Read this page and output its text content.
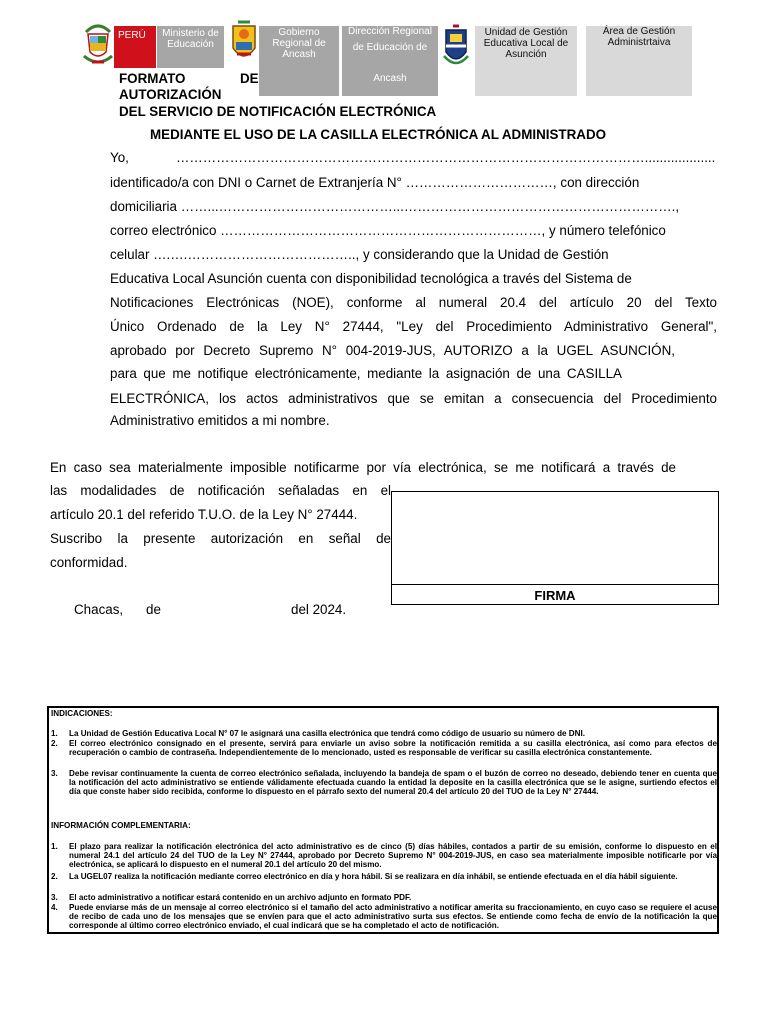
PERÚ	Ministerio de Educación
Gobierno Regional de Ancash
Dirección Regional
de Educación de
Ancash
Unidad de Gestión Educativa Local de Asunción
Área de Gestión Administrtaiva
FORMATO	DE
AUTORIZACIÓN
DEL SERVICIO DE NOTIFICACIÓN ELECTRÓNICA
MEDIANTE EL USO DE LA CASILLA ELECTRÓNICA AL ADMINISTRADO
Yo,	……………………………………………………………………………………………...................
identificado/a con DNI o Carnet de Extranjería N° ……………………………, con dirección
domiciliaria ……...…………………………………...…………………………………………………….,
correo electrónico ………………………………………………………………, y número telefónico
celular ….….……………………………….., y considerando que la Unidad de Gestión
Educativa Local Asunción cuenta con disponibilidad tecnológica a través del Sistema de
Notificaciones Electrónicas (NOE), conforme al numeral 20.4 del artículo 20 del Texto
Único Ordenado de la Ley N° 27444, "Ley del Procedimiento Administrativo General",
aprobado por Decreto Supremo N° 004-2019-JUS, AUTORIZO a la UGEL ASUNCIÓN,
para que me notifique electrónicamente, mediante la asignación de una CASILLA
ELECTRÓNICA, los actos administrativos que se emitan a consecuencia del Procedimiento
Administrativo emitidos a mi nombre.
En caso sea materialmente imposible notificarme por vía electrónica, se me notificará a través de
las modalidades de notificación señaladas en el
artículo 20.1 del referido T.U.O. de la Ley N° 27444.
Suscribo la presente autorización en señal de
conformidad.
FIRMA
Chacas, de	del 2024.
INDICACIONES:
1. La Unidad de Gestión Educativa Local N° 07 le asignará una casilla electrónica que tendrá como código de usuario su número de DNI.

2. El correo electrónico consignado en el presente, servirá para enviarle un aviso sobre la notificación remitida a su casilla electrónica, así como para efectos de recuperación o cambio de contraseña. Independientemente de lo mencionado, usted es responsable de verificar su casilla electrónica constantemente.

3. Debe revisar continuamente la cuenta de correo electrónico señalada, incluyendo la bandeja de spam o el buzón de correo no deseado, debiendo tener en cuenta que la notificación del acto administrativo se entiende válidamente efectuada cuando la entidad la deposite en la casilla electrónica que se le asigne, surtiendo efectos el día que conste haber sido recibida, conforme lo dispuesto en el párrafo sexto del numeral 20.4 del artículo 20 del TUO de la Ley N° 27444.

INFORMACIÓN COMPLEMENTARIA:
1. El plazo para realizar la notificación electrónica del acto administrativo es de cinco (5) días hábiles, contados a partir de su emisión, conforme lo dispuesto en el numeral 24.1 del artículo 24 del TUO de la Ley N° 27444, aprobado por Decreto Supremo N° 004-2019-JUS, en caso sea materialmente imposible notificarle por vía electrónica, se aplicará lo dispuesto en el numeral 20.1 del artículo 20 del mismo.

2. La UGEL07 realiza la notificación mediante correo electrónico en día y hora hábil. Si se realizara en día inhábil, se entiende efectuada en el día hábil siguiente.

3. El acto administrativo a notificar estará contenido en un archivo adjunto en formato PDF.

4. Puede enviarse más de un mensaje al correo electrónico si el tamaño del acto administrativo a notificar amerita su fraccionamiento, en cuyo caso se requiere el acuse de recibo de cada uno de los mensajes que se envíen para que el acto administrativo surta sus efectos. Se entiende como fecha de envío de la notificación la que corresponde al último correo electrónico enviado, el cual indicará que se ha completado el acto de notificación.
